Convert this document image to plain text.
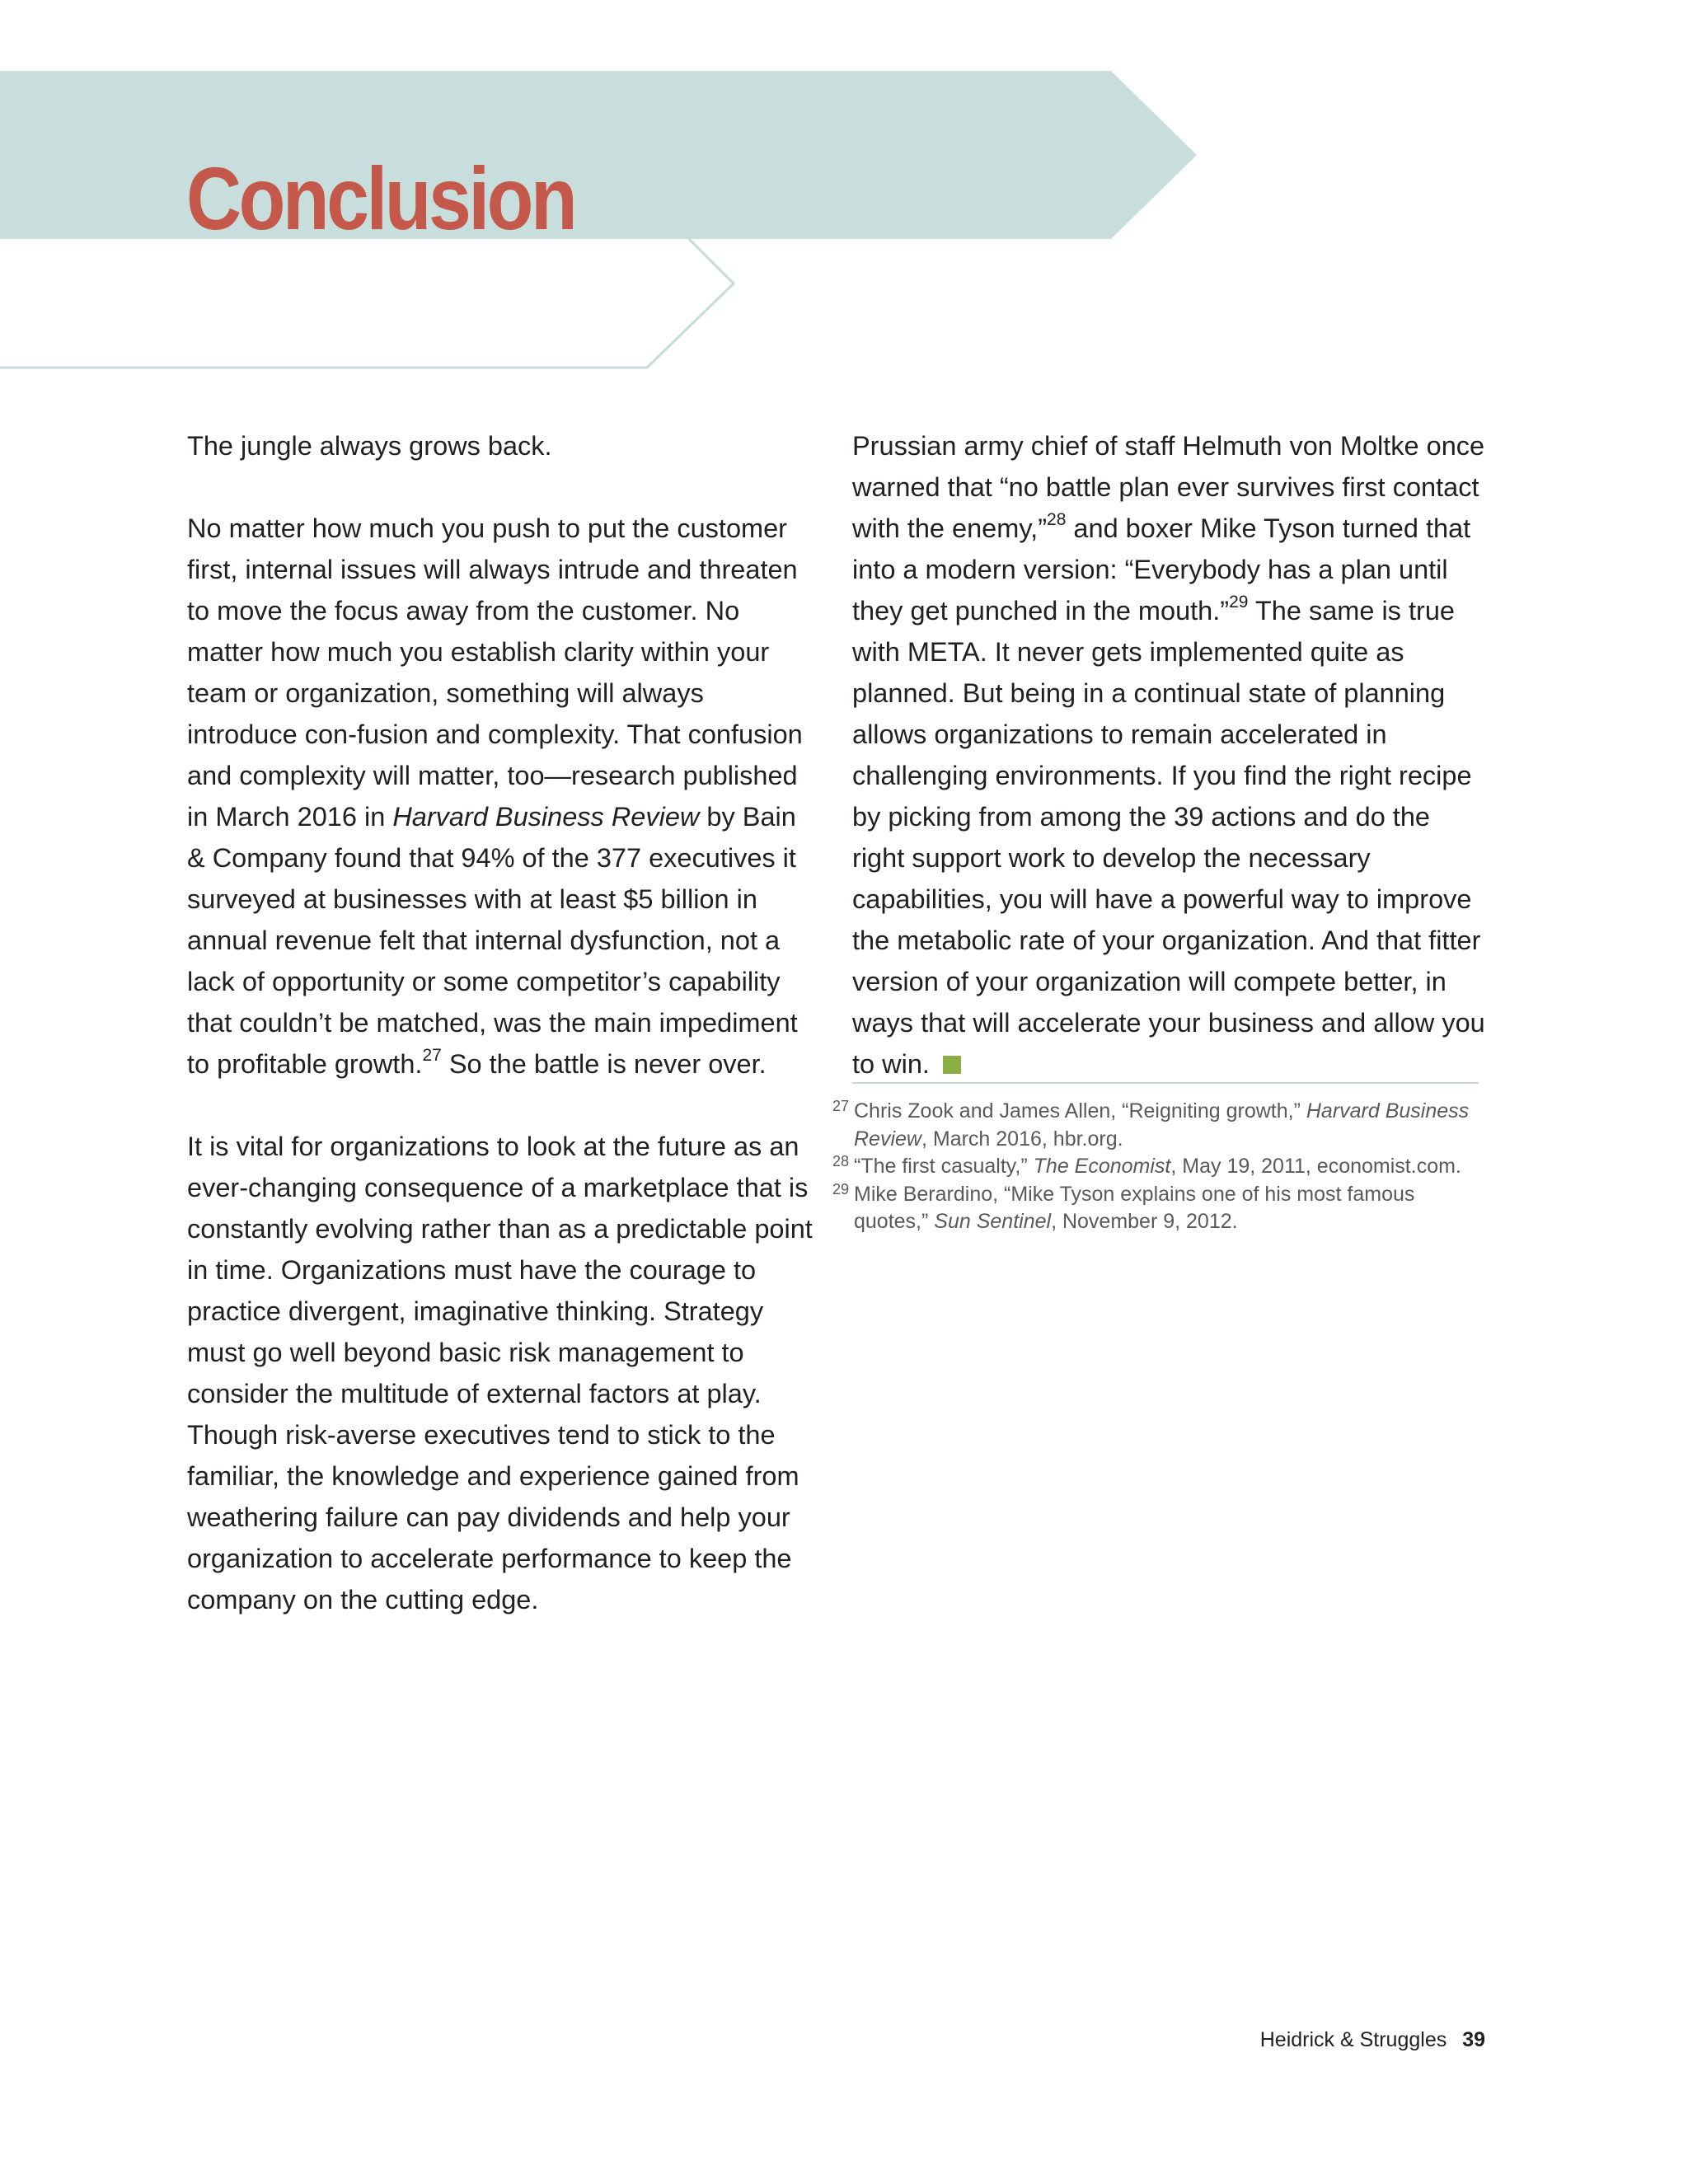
Conclusion

The jungle always grows back.

No matter how much you push to put the customer first, internal issues will always intrude and threaten to move the focus away from the customer. No matter how much you establish clarity within your team or organization, something will always introduce con-fusion and complexity. That confusion and complexity will matter, too—research published in March 2016 in Harvard Business Review by Bain & Company found that 94% of the 377 executives it surveyed at businesses with at least $5 billion in annual revenue felt that internal dysfunction, not a lack of opportunity or some competitor’s capability that couldn’t be matched, was the main impediment to profitable growth.$^{27}$ So the battle is never over.

It is vital for organizations to look at the future as an ever-changing consequence of a marketplace that is constantly evolving rather than as a predictable point in time. Organizations must have the courage to practice divergent, imaginative thinking. Strategy must go well beyond basic risk management to consider the multitude of external factors at play. Though risk-averse executives tend to stick to the familiar, the knowledge and experience gained from weathering failure can pay dividends and help your organization to accelerate performance to keep the company on the cutting edge.

Prussian army chief of staff Helmuth von Moltke once warned that “no battle plan ever survives first contact with the enemy,”$^{28}$ and boxer Mike Tyson turned that into a modern version: “Everybody has a plan until they get punched in the mouth.”$^{29}$ The same is true with META. It never gets implemented quite as planned. But being in a continual state of planning allows organizations to remain accelerated in challenging environments. If you find the right recipe by picking from among the 39 actions and do the right support work to develop the necessary capabilities, you will have a powerful way to improve the metabolic rate of your organization. And that fitter version of your organization will compete better, in ways that will accelerate your business and allow you to win.

27 Chris Zook and James Allen, “Reigniting growth,” Harvard Business Review, March 2016, hbr.org.
28 “The first casualty,” The Economist, May 19, 2011, economist.com.
29 Mike Berardino, “Mike Tyson explains one of his most famous quotes,” Sun Sentinel, November 9, 2012.
Heidrick & Struggles 39
